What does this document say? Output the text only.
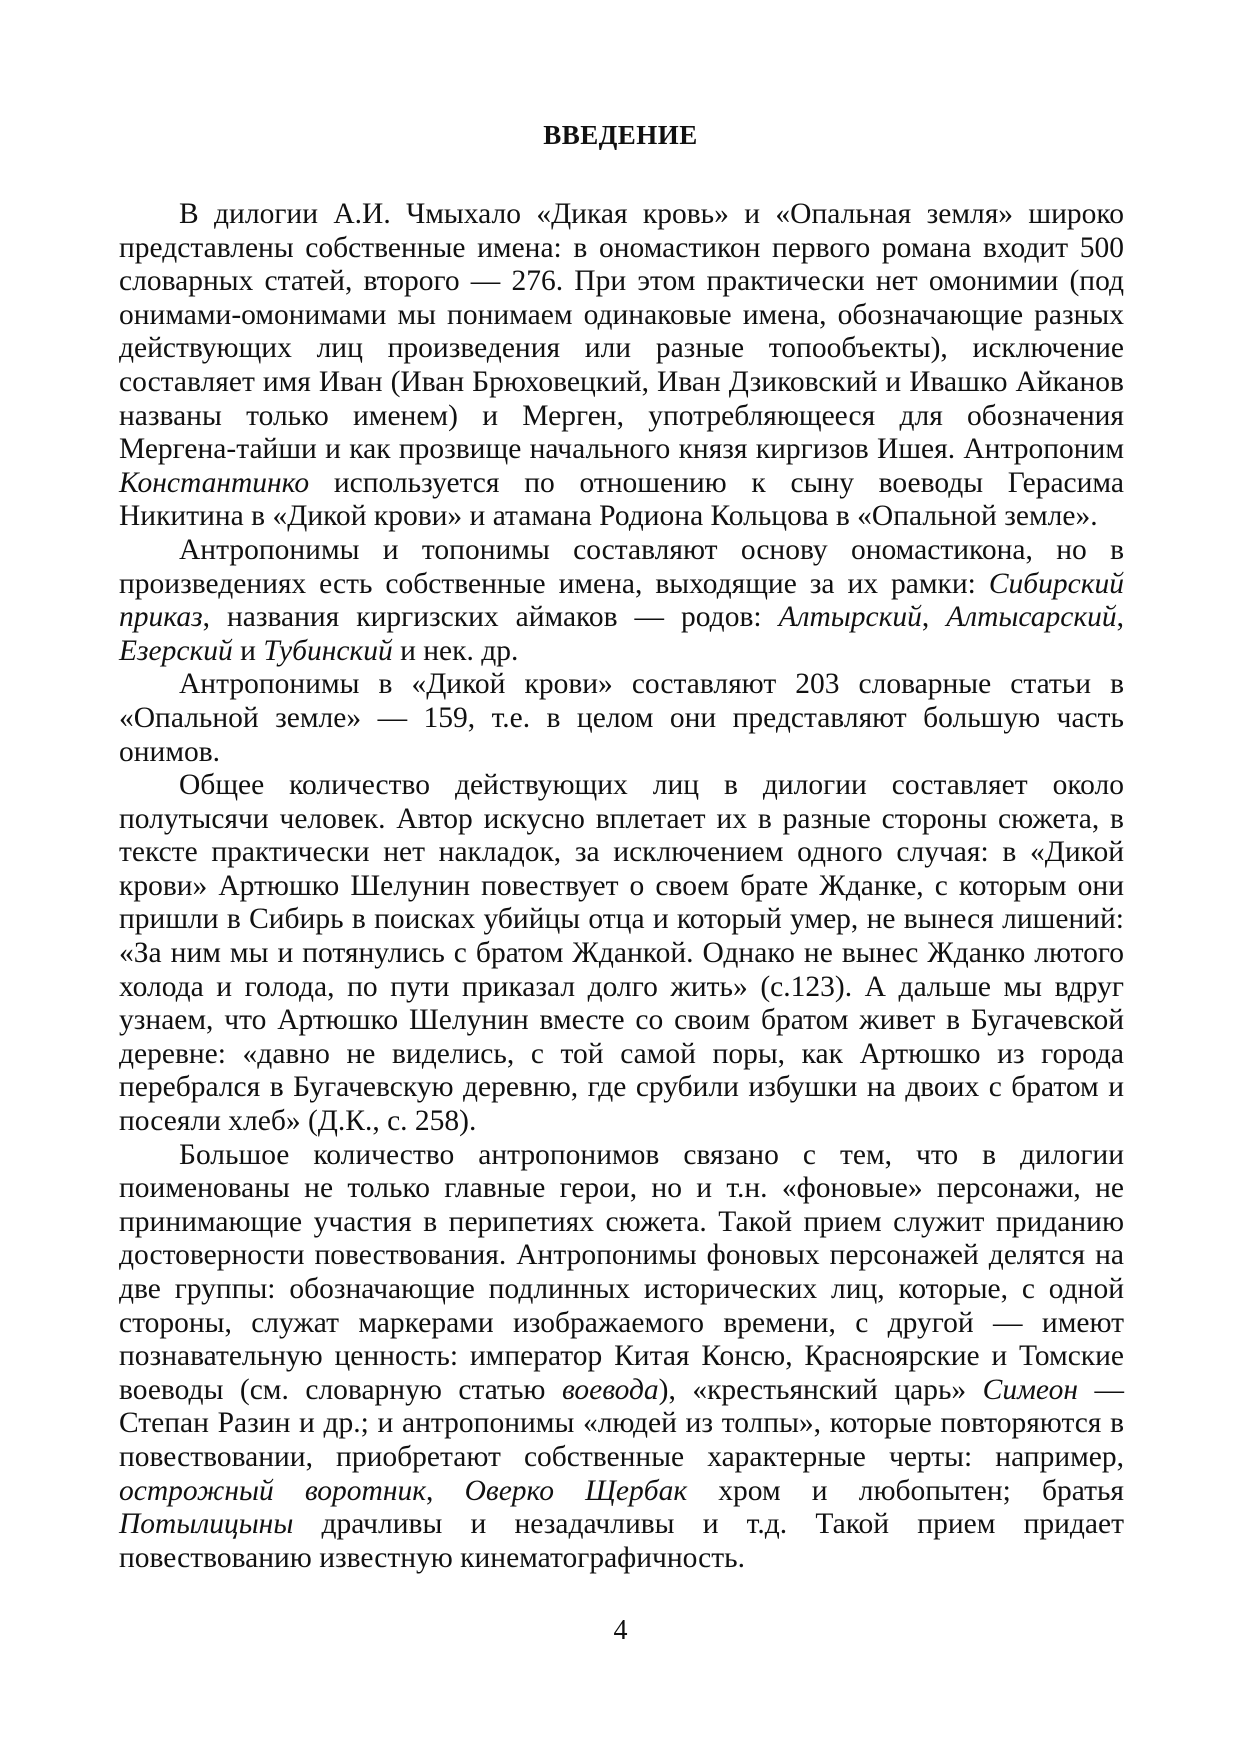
ВВЕДЕНИЕ

В дилогии А.И. Чмыхало «Дикая кровь» и «Опальная земля» широко представлены собственные имена: в ономастикон первого романа входит 500 словарных статей, второго — 276. При этом практически нет омонимии (под онимами-омонимами мы понимаем одинаковые имена, обозначающие разных действующих лиц произведения или разные топообъекты), исключение составляет имя Иван (Иван Брюховецкий, Иван Дзиковский и Ивашко Айканов названы только именем) и Мерген, употребляющееся для обозначения Мергена-тайши и как прозвище начального князя киргизов Ишея. Антропоним Константинко используется по отношению к сыну воеводы Герасима Никитина в «Дикой крови» и атамана Родиона Кольцова в «Опальной земле».

Антропонимы и топонимы составляют основу ономастикона, но в произведениях есть собственные имена, выходящие за их рамки: Сибирский приказ, названия киргизских аймаков — родов: Алтырский, Алтысарский, Езерский и Тубинский и нек. др.

Антропонимы в «Дикой крови» составляют 203 словарные статьи в «Опальной земле» — 159, т.е. в целом они представляют большую часть онимов.

Общее количество действующих лиц в дилогии составляет около полутысячи человек. Автор искусно вплетает их в разные стороны сюжета, в тексте практически нет накладок, за исключением одного случая: в «Дикой крови» Артюшко Шелунин повествует о своем брате Жданке, с которым они пришли в Сибирь в поисках убийцы отца и который умер, не вынеся лишений: «За ним мы и потянулись с братом Жданкой. Однако не вынес Жданко лютого холода и голода, по пути приказал долго жить» (с.123). А дальше мы вдруг узнаем, что Артюшко Шелунин вместе со своим братом живет в Бугачевской деревне: «давно не виделись, с той самой поры, как Артюшко из города перебрался в Бугачевскую деревню, где срубили избушки на двоих с братом и посеяли хлеб» (Д.К., с. 258).

Большое количество антропонимов связано с тем, что в дилогии поименованы не только главные герои, но и т.н. «фоновые» персонажи, не принимающие участия в перипетиях сюжета. Такой прием служит приданию достоверности повествования. Антропонимы фоновых персонажей делятся на две группы: обозначающие подлинных исторических лиц, которые, с одной стороны, служат маркерами изображаемого времени, с другой — имеют познавательную ценность: император Китая Консю, Красноярские и Томские воеводы (см. словарную статью воевода), «крестьянский царь» Симеон — Степан Разин и др.; и антропонимы «людей из толпы», которые повторяются в повествовании, приобретают собственные характерные черты: например, острожный воротник, Оверко Щербак хром и любопытен; братья Потылицыны драчливы и незадачливы и т.д. Такой прием придает повествованию известную кинематографичность.

4
